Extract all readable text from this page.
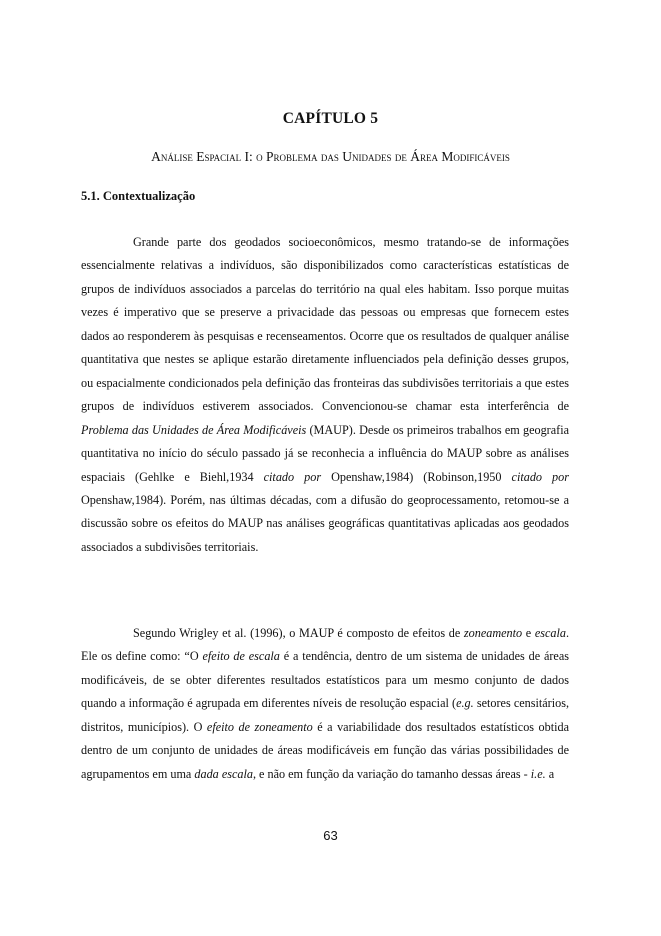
CAPÍTULO 5
Análise Espacial I: o Problema das Unidades de Área Modificáveis
5.1. Contextualização

Grande parte dos geodados socioeconômicos, mesmo tratando-se de informações essencialmente relativas a indivíduos, são disponibilizados como características estatísticas de grupos de indivíduos associados a parcelas do território na qual eles habitam. Isso porque muitas vezes é imperativo que se preserve a privacidade das pessoas ou empresas que fornecem estes dados ao responderem às pesquisas e recenseamentos. Ocorre que os resultados de qualquer análise quantitativa que nestes se aplique estarão diretamente influenciados pela definição desses grupos, ou espacialmente condicionados pela definição das fronteiras das subdivisões territoriais a que estes grupos de indivíduos estiverem associados. Convencionou-se chamar esta interferência de Problema das Unidades de Área Modificáveis (MAUP). Desde os primeiros trabalhos em geografia quantitativa no início do século passado já se reconhecia a influência do MAUP sobre as análises espaciais (Gehlke e Biehl,1934 citado por Openshaw,1984) (Robinson,1950 citado por Openshaw,1984). Porém, nas últimas décadas, com a difusão do geoprocessamento, retomou-se a discussão sobre os efeitos do MAUP nas análises geográficas quantitativas aplicadas aos geodados associados a subdivisões territoriais.

Segundo Wrigley et al. (1996), o MAUP é composto de efeitos de zoneamento e escala. Ele os define como: “O efeito de escala é a tendência, dentro de um sistema de unidades de áreas modificáveis, de se obter diferentes resultados estatísticos para um mesmo conjunto de dados quando a informação é agrupada em diferentes níveis de resolução espacial (e.g. setores censitários, distritos, municípios). O efeito de zoneamento é a variabilidade dos resultados estatísticos obtida dentro de um conjunto de unidades de áreas modificáveis em função das várias possibilidades de agrupamentos em uma dada escala, e não em função da variação do tamanho dessas áreas - i.e. a

63
